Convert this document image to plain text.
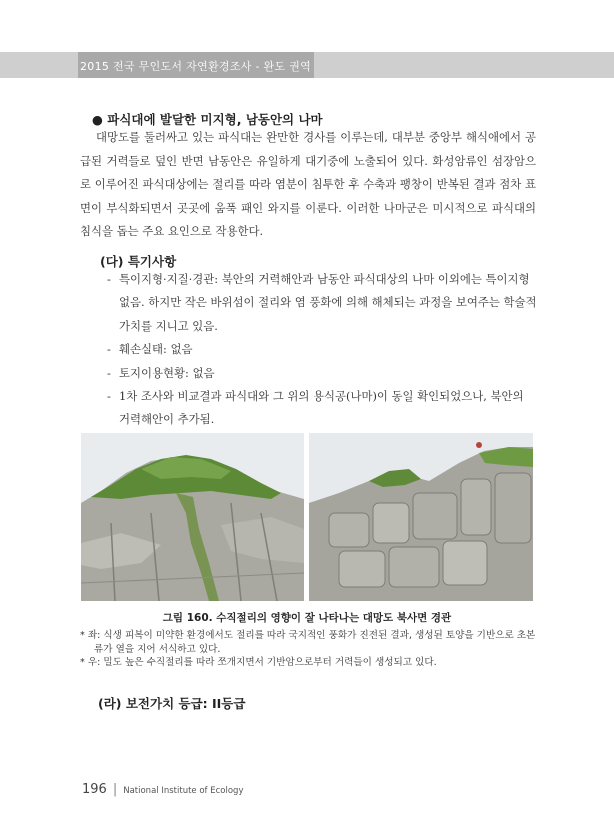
2015 전국 무인도서 자연환경조사 - 완도 권역
● 파식대에 발달한 미지형, 남동안의 나마

대망도를 둘러싸고 있는 파식대는 완만한 경사를 이루는데, 대부분 중앙부 해식애에서 공급된 거력들로 덮인 반면 남동안은 유일하게 대기중에 노출되어 있다. 화성암류인 섬장암으로 이루어진 파식대상에는 절리를 따라 염분이 침투한 후 수축과 팽창이 반복된 결과 점차 표면이 부식화되면서 곳곳에 움푹 패인 와지를 이룬다. 이러한 나마군은 미시적으로 파식대의 침식을 돕는 주요 요인으로 작용한다.

(다) 특기사항
- 특이지형·지질·경관: 북안의 거력해안과 남동안 파식대상의 나마 이외에는 특이지형 없음. 하지만 작은 바위섬이 절리와 염 풍화에 의해 해체되는 과정을 보여주는 학술적 가치를 지니고 있음.
- 훼손실태: 없음
- 토지이용현황: 없음
- 1차 조사와 비교결과 파식대와 그 위의 용식공(나마)이 동일 확인되었으나, 북안의 거력해안이 추가됨.
그림 160. 수직절리의 영향이 잘 나타나는 대망도 북사면 경관
* 좌: 식생 피복이 미약한 환경에서도 절리를 따라 국지적인 풍화가 진전된 결과, 생성된 토양을 기반으로 초본류가 열을 지어 서식하고 있다.
* 우: 밀도 높은 수직절리를 따라 쪼개지면서 기반암으로부터 거력들이 생성되고 있다.
(라) 보전가치 등급: II등급
196 | National Institute of Ecology
